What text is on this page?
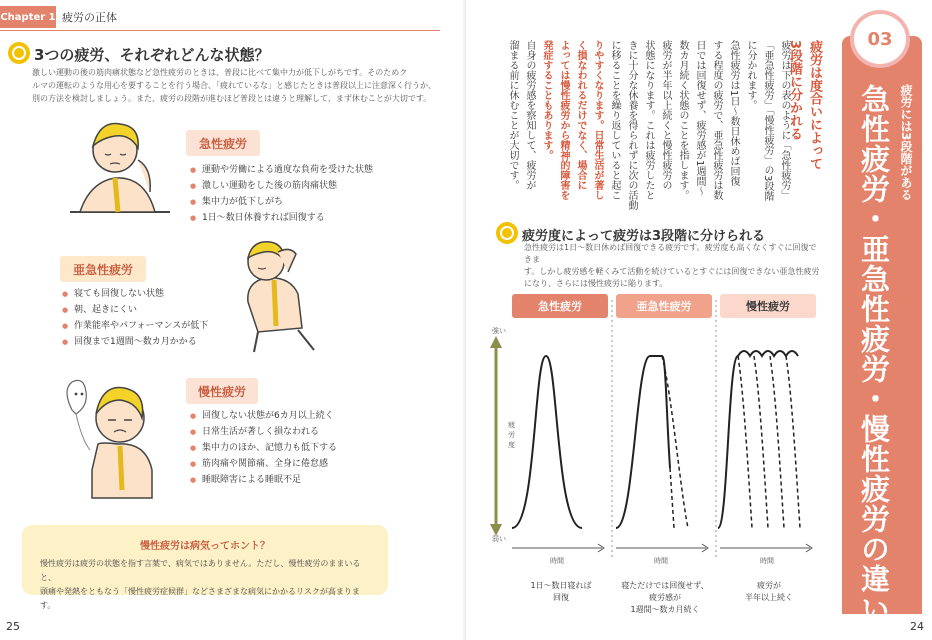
Chapter 1 疲労の正体
3つの疲労、それぞれどんな状態？
激しい運動の後の筋肉痛状態など急性疲労のときは、普段に比べて集中力が低下しがちです。そのためク
ルマの運転のような用心を要することを行う場合、「疲れているな」と感じたときは普段以上に注意深く行うか、
別の方法を検討しましょう。また、疲労の段階が進むほど普段とは違うと理解して、まず休むことが大切です。
急性疲労
● 運動や労働による過度な負荷を受けた状態
● 激しい運動をした後の筋肉痛状態
● 集中力が低下しがち
● 1日～数日休養すれば回復する
亜急性疲労
● 寝ても回復しない状態
● 朝、起きにくい
● 作業能率やパフォーマンスが低下
● 回復まで1週間～数カ月かかる
慢性疲労
● 回復しない状態が6カ月以上続く
● 日常生活が著しく損なわれる
● 集中力のほか、記憶力も低下する
● 筋肉痛や関節痛、全身に倦怠感
● 睡眠障害による睡眠不足
慢性疲労は病気ってホント？
慢性疲労は疲労の状態を指す言葉で、病気ではありません。ただし、慢性疲労のままいると、
頭痛や発熱をともなう「慢性疲労症候群」などさまざまな病気にかかるリスクが高まります。
25
03
疲労には3段階がある
急性疲労・亜急性疲労・慢性疲労の違い
疲労は度合いによって
3段階に分かれる
疲労は下の表のように「急性疲労」
「亜急性疲労」「慢性疲労」の3段階
に分かれます。
急性疲労は1日～数日休めば回復
する程度の疲労で、亜急性疲労は数
日では回復せず、疲労感が1週間～
数カ月続く状態のことを指します。
疲労が半年以上続くと慢性疲労の
状態になります。これは疲労したと
きに十分な休養を得られずに次の活動
に移ることを繰り返していると起こ
りやすくなります。日常生活が著し
く損なわれるだけでなく、場合に
よっては慢性疲労から精神的障害を
発症することもあります。
自身の疲労感を察知して、疲労が
溜まる前に休むことが大切です。
疲労度によって疲労は3段階に分けられる
急性疲労は1日～数日休めば回復できる疲労です。疲労度も高くなくすぐに回復できま
す。しかし疲労感を軽くみて活動を続けているとすぐには回復できない亜急性疲労
になり、さらには慢性疲労に陥ります。
急性疲労	亜急性疲労	慢性疲労
強い
弱い
疲労度
時間	時間	時間
1日～数日寝れば
回復
寝ただけでは回復せず、
疲労感が
1週間～数カ月続く
疲労が
半年以上続く
24
